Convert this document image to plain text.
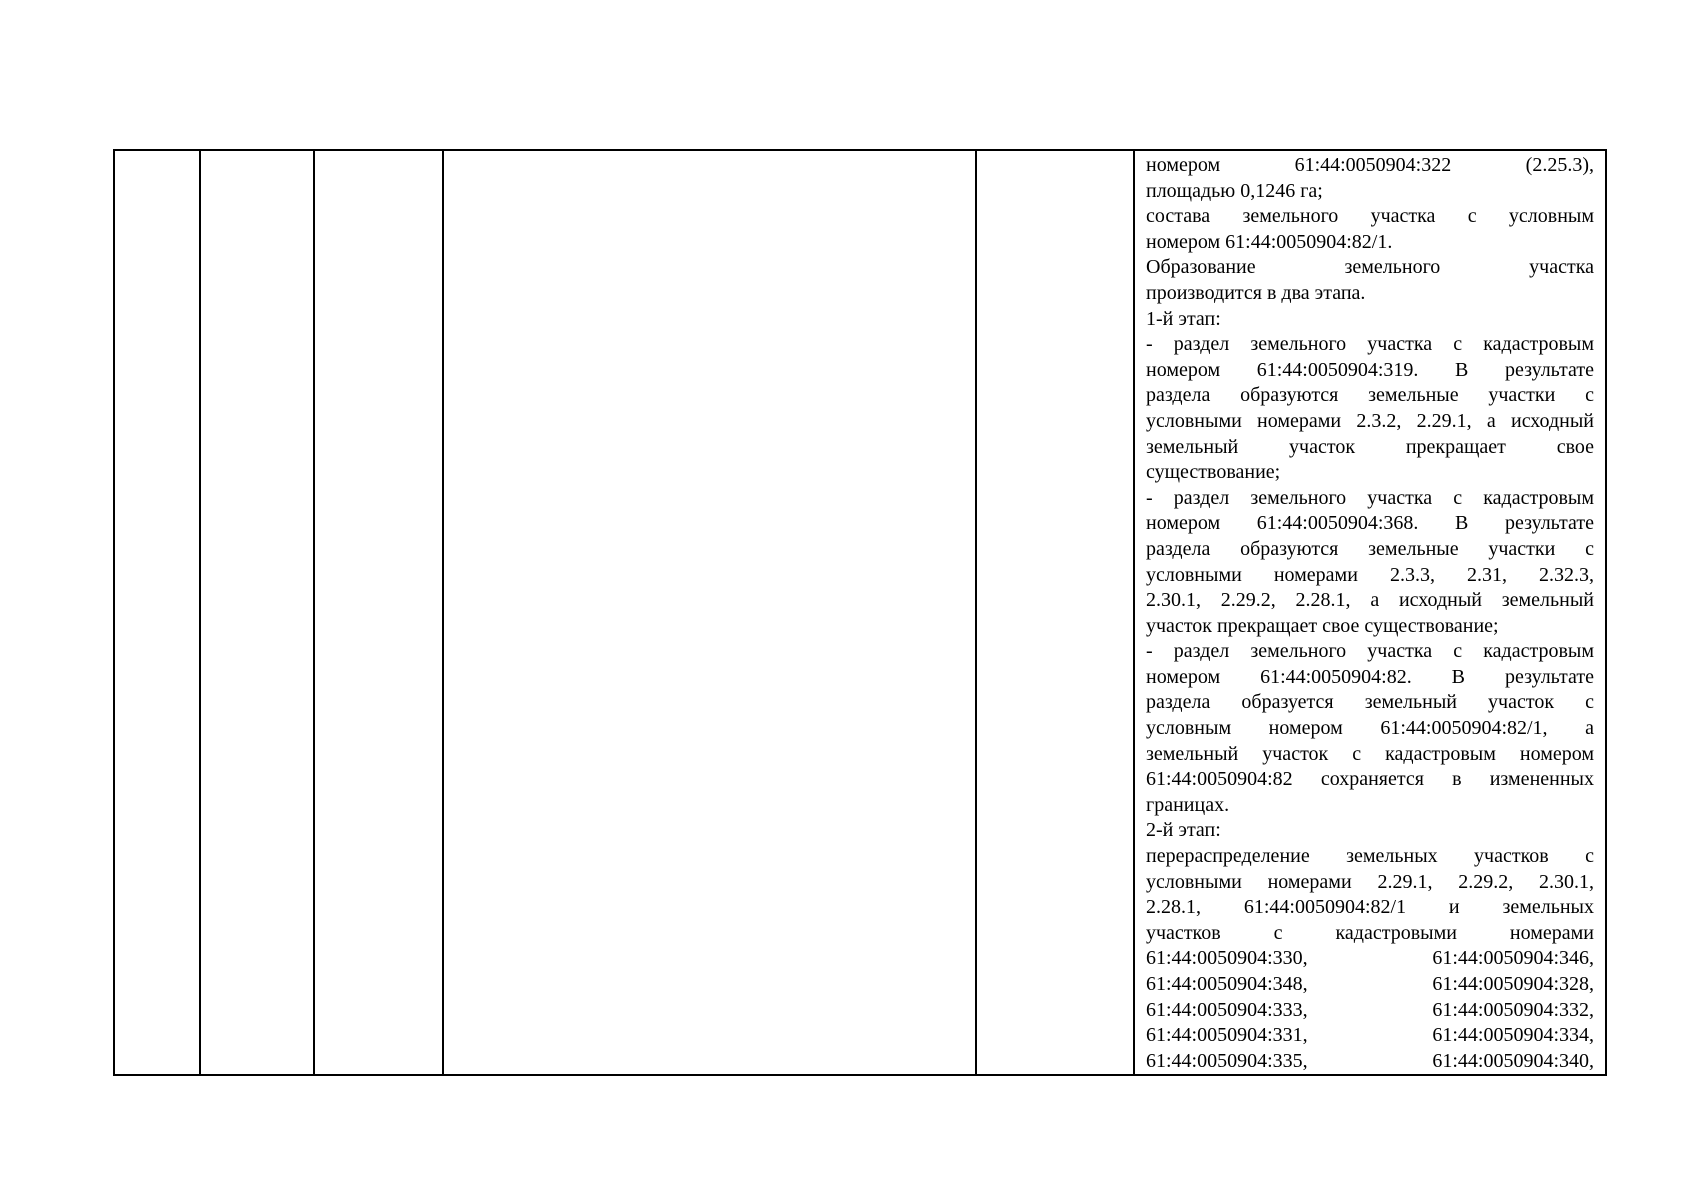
номером 61:44:0050904:322 (2.25.3),
площадью 0,1246 га;
состава земельного участка с условным
номером 61:44:0050904:82/1.
Образование земельного участка
производится в два этапа.
1-й этап:
- раздел земельного участка с кадастровым
номером 61:44:0050904:319. В результате
раздела образуются земельные участки с
условными номерами 2.3.2, 2.29.1, а исходный
земельный участок прекращает свое
существование;
- раздел земельного участка с кадастровым
номером 61:44:0050904:368. В результате
раздела образуются земельные участки с
условными номерами 2.3.3, 2.31, 2.32.3,
2.30.1, 2.29.2, 2.28.1, а исходный земельный
участок прекращает свое существование;
- раздел земельного участка с кадастровым
номером 61:44:0050904:82. В результате
раздела образуется земельный участок с
условным номером 61:44:0050904:82/1, а
земельный участок с кадастровым номером
61:44:0050904:82 сохраняется в измененных
границах.
2-й этап:
перераспределение земельных участков с
условными номерами 2.29.1, 2.29.2, 2.30.1,
2.28.1, 61:44:0050904:82/1 и земельных
участков с кадастровыми номерами
61:44:0050904:330, 61:44:0050904:346,
61:44:0050904:348, 61:44:0050904:328,
61:44:0050904:333, 61:44:0050904:332,
61:44:0050904:331, 61:44:0050904:334,
61:44:0050904:335, 61:44:0050904:340,
